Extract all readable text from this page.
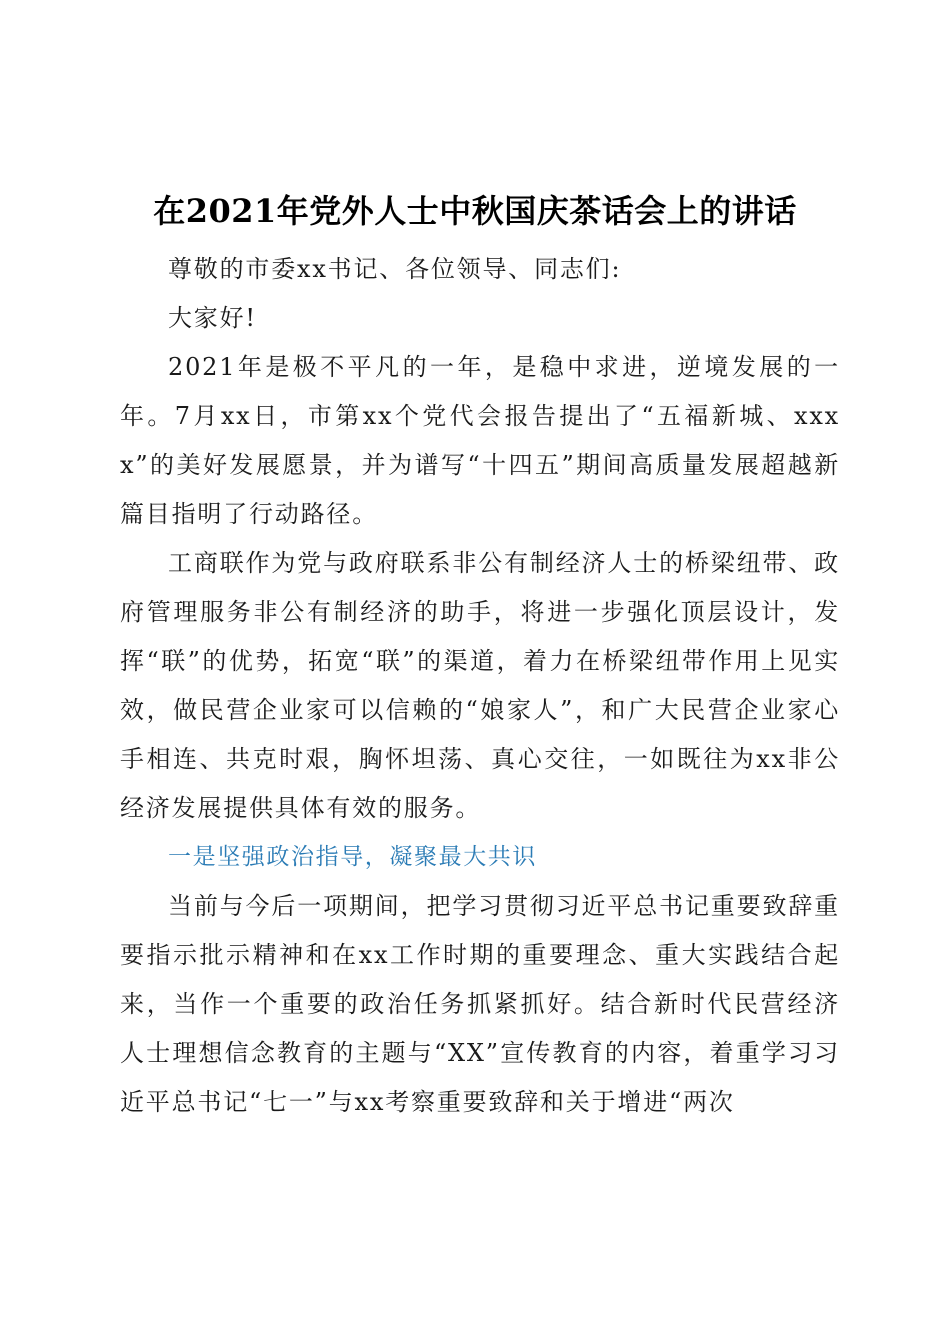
在2021年党外人士中秋国庆茶话会上的讲话

尊敬的市委xx书记、各位领导、同志们:

大家好!

2021年是极不平凡的一年，是稳中求进，逆境发展的一年。7月xx日，市第xx个党代会报告提出了“五福新城、xxxx”的美好发展愿景，并为谱写“十四五”期间高质量发展超越新篇目指明了行动路径。

工商联作为党与政府联系非公有制经济人士的桥梁纽带、政府管理服务非公有制经济的助手，将进一步强化顶层设计，发挥“联”的优势，拓宽“联”的渠道，着力在桥梁纽带作用上见实效，做民营企业家可以信赖的“娘家人”，和广大民营企业家心手相连、共克时艰，胸怀坦荡、真心交往，一如既往为xx非公经济发展提供具体有效的服务。

一是坚强政治指导，凝聚最大共识

当前与今后一项期间，把学习贯彻习近平总书记重要致辞重要指示批示精神和在xx工作时期的重要理念、重大实践结合起来，当作一个重要的政治任务抓紧抓好。结合新时代民营经济人士理想信念教育的主题与“XX”宣传教育的内容，着重学习习近平总书记“七一”与xx考察重要致辞和关于增进“两次
